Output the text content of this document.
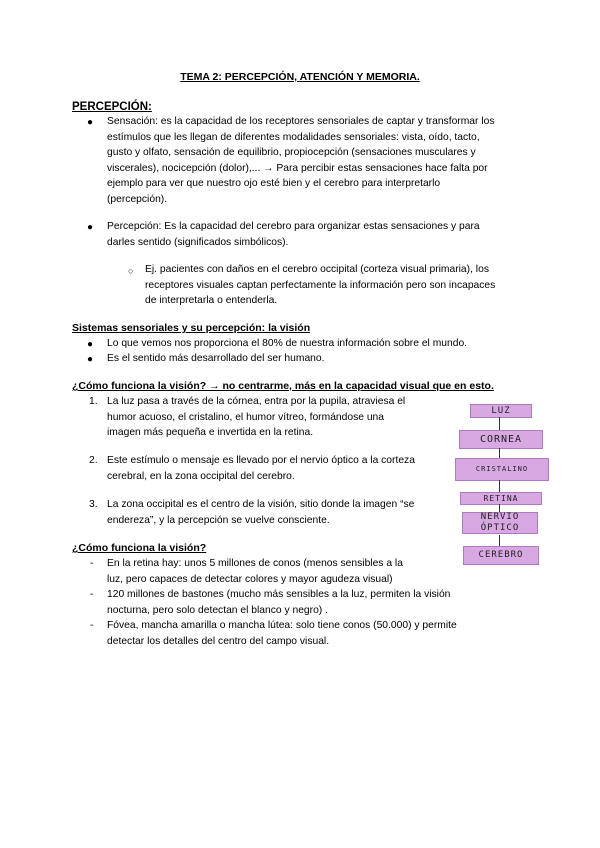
TEMA 2: PERCEPCIÓN, ATENCIÓN Y MEMORIA.
PERCEPCIÓN:
● Sensación: es la capacidad de los receptores sensoriales de captar y transformar los
estímulos que les llegan de diferentes modalidades sensoriales: vista, oído, tacto,
gusto y olfato, sensación de equilibrio, propiocepción (sensaciones musculares y
viscerales), nocicepción (dolor),... → Para percibir estas sensaciones hace falta por
ejemplo para ver que nuestro ojo esté bien y el cerebro para interpretarlo
(percepción).
● Percepción: Es la capacidad del cerebro para organizar estas sensaciones y para
darles sentido (significados simbólicos).
○ Ej. pacientes con daños en el cerebro occipital (corteza visual primaria), los
receptores visuales captan perfectamente la información pero son incapaces
de interpretarla o entenderla.
Sistemas sensoriales y su percepción: la visión
● Lo que vemos nos proporciona el 80% de nuestra información sobre el mundo.
● Es el sentido más desarrollado del ser humano.
¿Cómo funciona la visión? → no centrarme, más en la capacidad visual que en esto.
1. La luz pasa a través de la córnea, entra por la pupila, atraviesa el
humor acuoso, el cristalino, el humor vítreo, formándose una
imagen más pequeña e invertida en la retina.
2. Este estímulo o mensaje es llevado por el nervio óptico a la corteza
cerebral, en la zona occipital del cerebro.
3. La zona occipital es el centro de la visión, sitio donde la imagen “se
endereza”, y la percepción se vuelve consciente.
LUZ
CORNEA
CRISTALINO
RETINA
NERVIO ÓPTICO
CEREBRO
¿Cómo funciona la visión?
- En la retina hay: unos 5 millones de conos (menos sensibles a la
luz, pero capaces de detectar colores y mayor agudeza visual)
- 120 millones de bastones (mucho más sensibles a la luz, permiten la visión
nocturna, pero solo detectan el blanco y negro) .
- Fóvea, mancha amarilla o mancha lútea: solo tiene conos (50.000) y permite
detectar los detalles del centro del campo visual.
